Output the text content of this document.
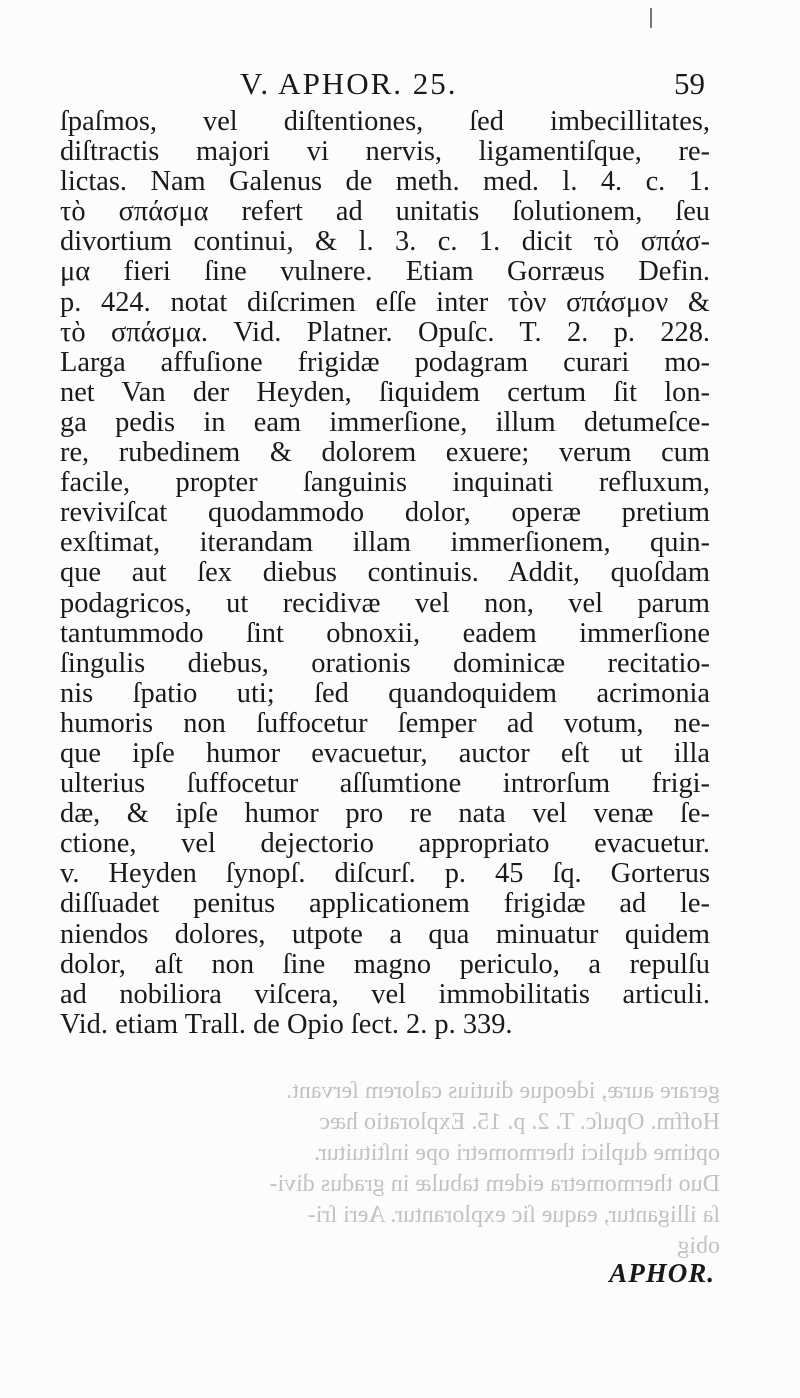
V. APHOR. 25.	59
ſpaſmos, vel diſtentiones, ſed imbecillitates,
diſtractis majori vi nervis, ligamentiſque, re-
lictas. Nam Galenus de meth. med. l. 4. c. 1.
τὸ σπάσμα refert ad unitatis ſolutionem, ſeu
divortium continui, & l. 3. c. 1. dicit τὸ σπάσ-
μα fieri ſine vulnere. Etiam Gorræus Defin.
p. 424. notat diſcrimen eſſe inter τὸν σπάσμον &
τὸ σπάσμα. Vid. Platner. Opuſc. T. 2. p. 228.
Larga affuſione frigidæ podagram curari mo-
net Van der Heyden, ſiquidem certum ſit lon-
ga pedis in eam immerſione, illum detumeſce-
re, rubedinem & dolorem exuere; verum cum
facile, propter ſanguinis inquinati refluxum,
reviviſcat quodammodo dolor, operæ pretium
exſtimat, iterandam illam immerſionem, quin-
que aut ſex diebus continuis. Addit, quoſdam
podagricos, ut recidivæ vel non, vel parum
tantummodo ſint obnoxii, eadem immerſione
ſingulis diebus, orationis dominicæ recitatio-
nis ſpatio uti; ſed quandoquidem acrimonia
humoris non ſuffocetur ſemper ad votum, ne-
que ipſe humor evacuetur, auctor eſt ut illa
ulterius ſuffocetur aſſumtione introrſum frigi-
dæ, & ipſe humor pro re nata vel venæ ſe-
ctione, vel dejectorio appropriato evacuetur.
v. Heyden ſynopſ. diſcurſ. p. 45 ſq. Gorterus
diſſuadet penitus applicationem frigidæ ad le-
niendos dolores, utpote a qua minuatur quidem
dolor, aſt non ſine magno periculo, a repulſu
ad nobiliora viſcera, vel immobilitatis articuli.
Vid. etiam Trall. de Opio ſect. 2. p. 339.
gerare auræ, ideoque diutius calorem ſervant.
Hoffm. Opuſc. T. 2. p. 15. Exploratio hæc
optime duplici thermometri ope inſtituitur.
Duo thermometra eidem tabulæ in gradus divi-
ſa illigantur, eaque ſic explorantur. Aeri ſri-
obig
APHOR.
